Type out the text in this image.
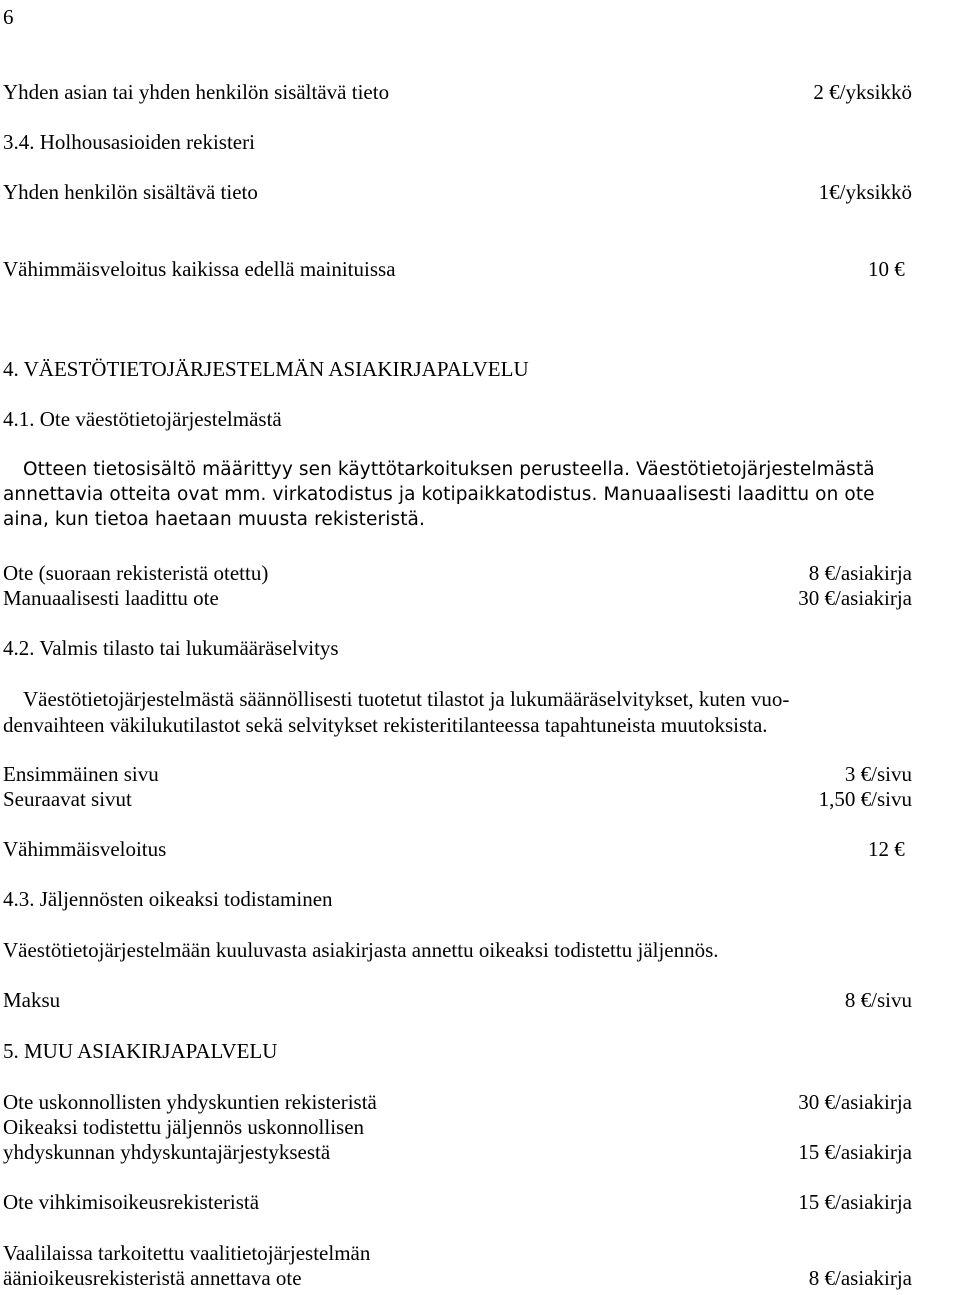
6
Yhden asian tai yhden henkilön sisältävä tieto	2 €/yksikkö
3.4. Holhousasioiden rekisteri
Yhden henkilön sisältävä tieto	1€/yksikkö
Vähimmäisveloitus kaikissa edellä mainituissa	10 €
4. VÄESTÖTIETOJÄRJESTELMÄN ASIAKIRJAPALVELU
4.1. Ote väestötietojärjestelmästä
Otteen tietosisältö määrittyy sen käyttötarkoituksen perusteella. Väestötietojärjestelmästä
annettavia otteita ovat mm. virkatodistus ja kotipaikkatodistus. Manuaalisesti laadittu on ote
aina, kun tietoa haetaan muusta rekisteristä.
Ote (suoraan rekisteristä otettu)	8 €/asiakirja
Manuaalisesti laadittu ote	30 €/asiakirja
4.2. Valmis tilasto tai lukumääräselvitys
Väestötietojärjestelmästä säännöllisesti tuotetut tilastot ja lukumääräselvitykset, kuten vuo-
denvaihteen väkilukutilastot sekä selvitykset rekisteritilanteessa tapahtuneista muutoksista.
Ensimmäinen sivu	3 €/sivu
Seuraavat sivut	1,50 €/sivu
Vähimmäisveloitus	12 €
4.3. Jäljennösten oikeaksi todistaminen
Väestötietojärjestelmään kuuluvasta asiakirjasta annettu oikeaksi todistettu jäljennös.
Maksu	8 €/sivu
5. MUU ASIAKIRJAPALVELU
Ote uskonnollisten yhdyskuntien rekisteristä	30 €/asiakirja
Oikeaksi todistettu jäljennös uskonnollisen
yhdyskunnan yhdyskuntajärjestyksestä	15 €/asiakirja
Ote vihkimisoikeusrekisteristä	15 €/asiakirja
Vaalilaissa tarkoitettu vaalitietojärjestelmän
äänioikeusrekisteristä annettava ote	8 €/asiakirja
